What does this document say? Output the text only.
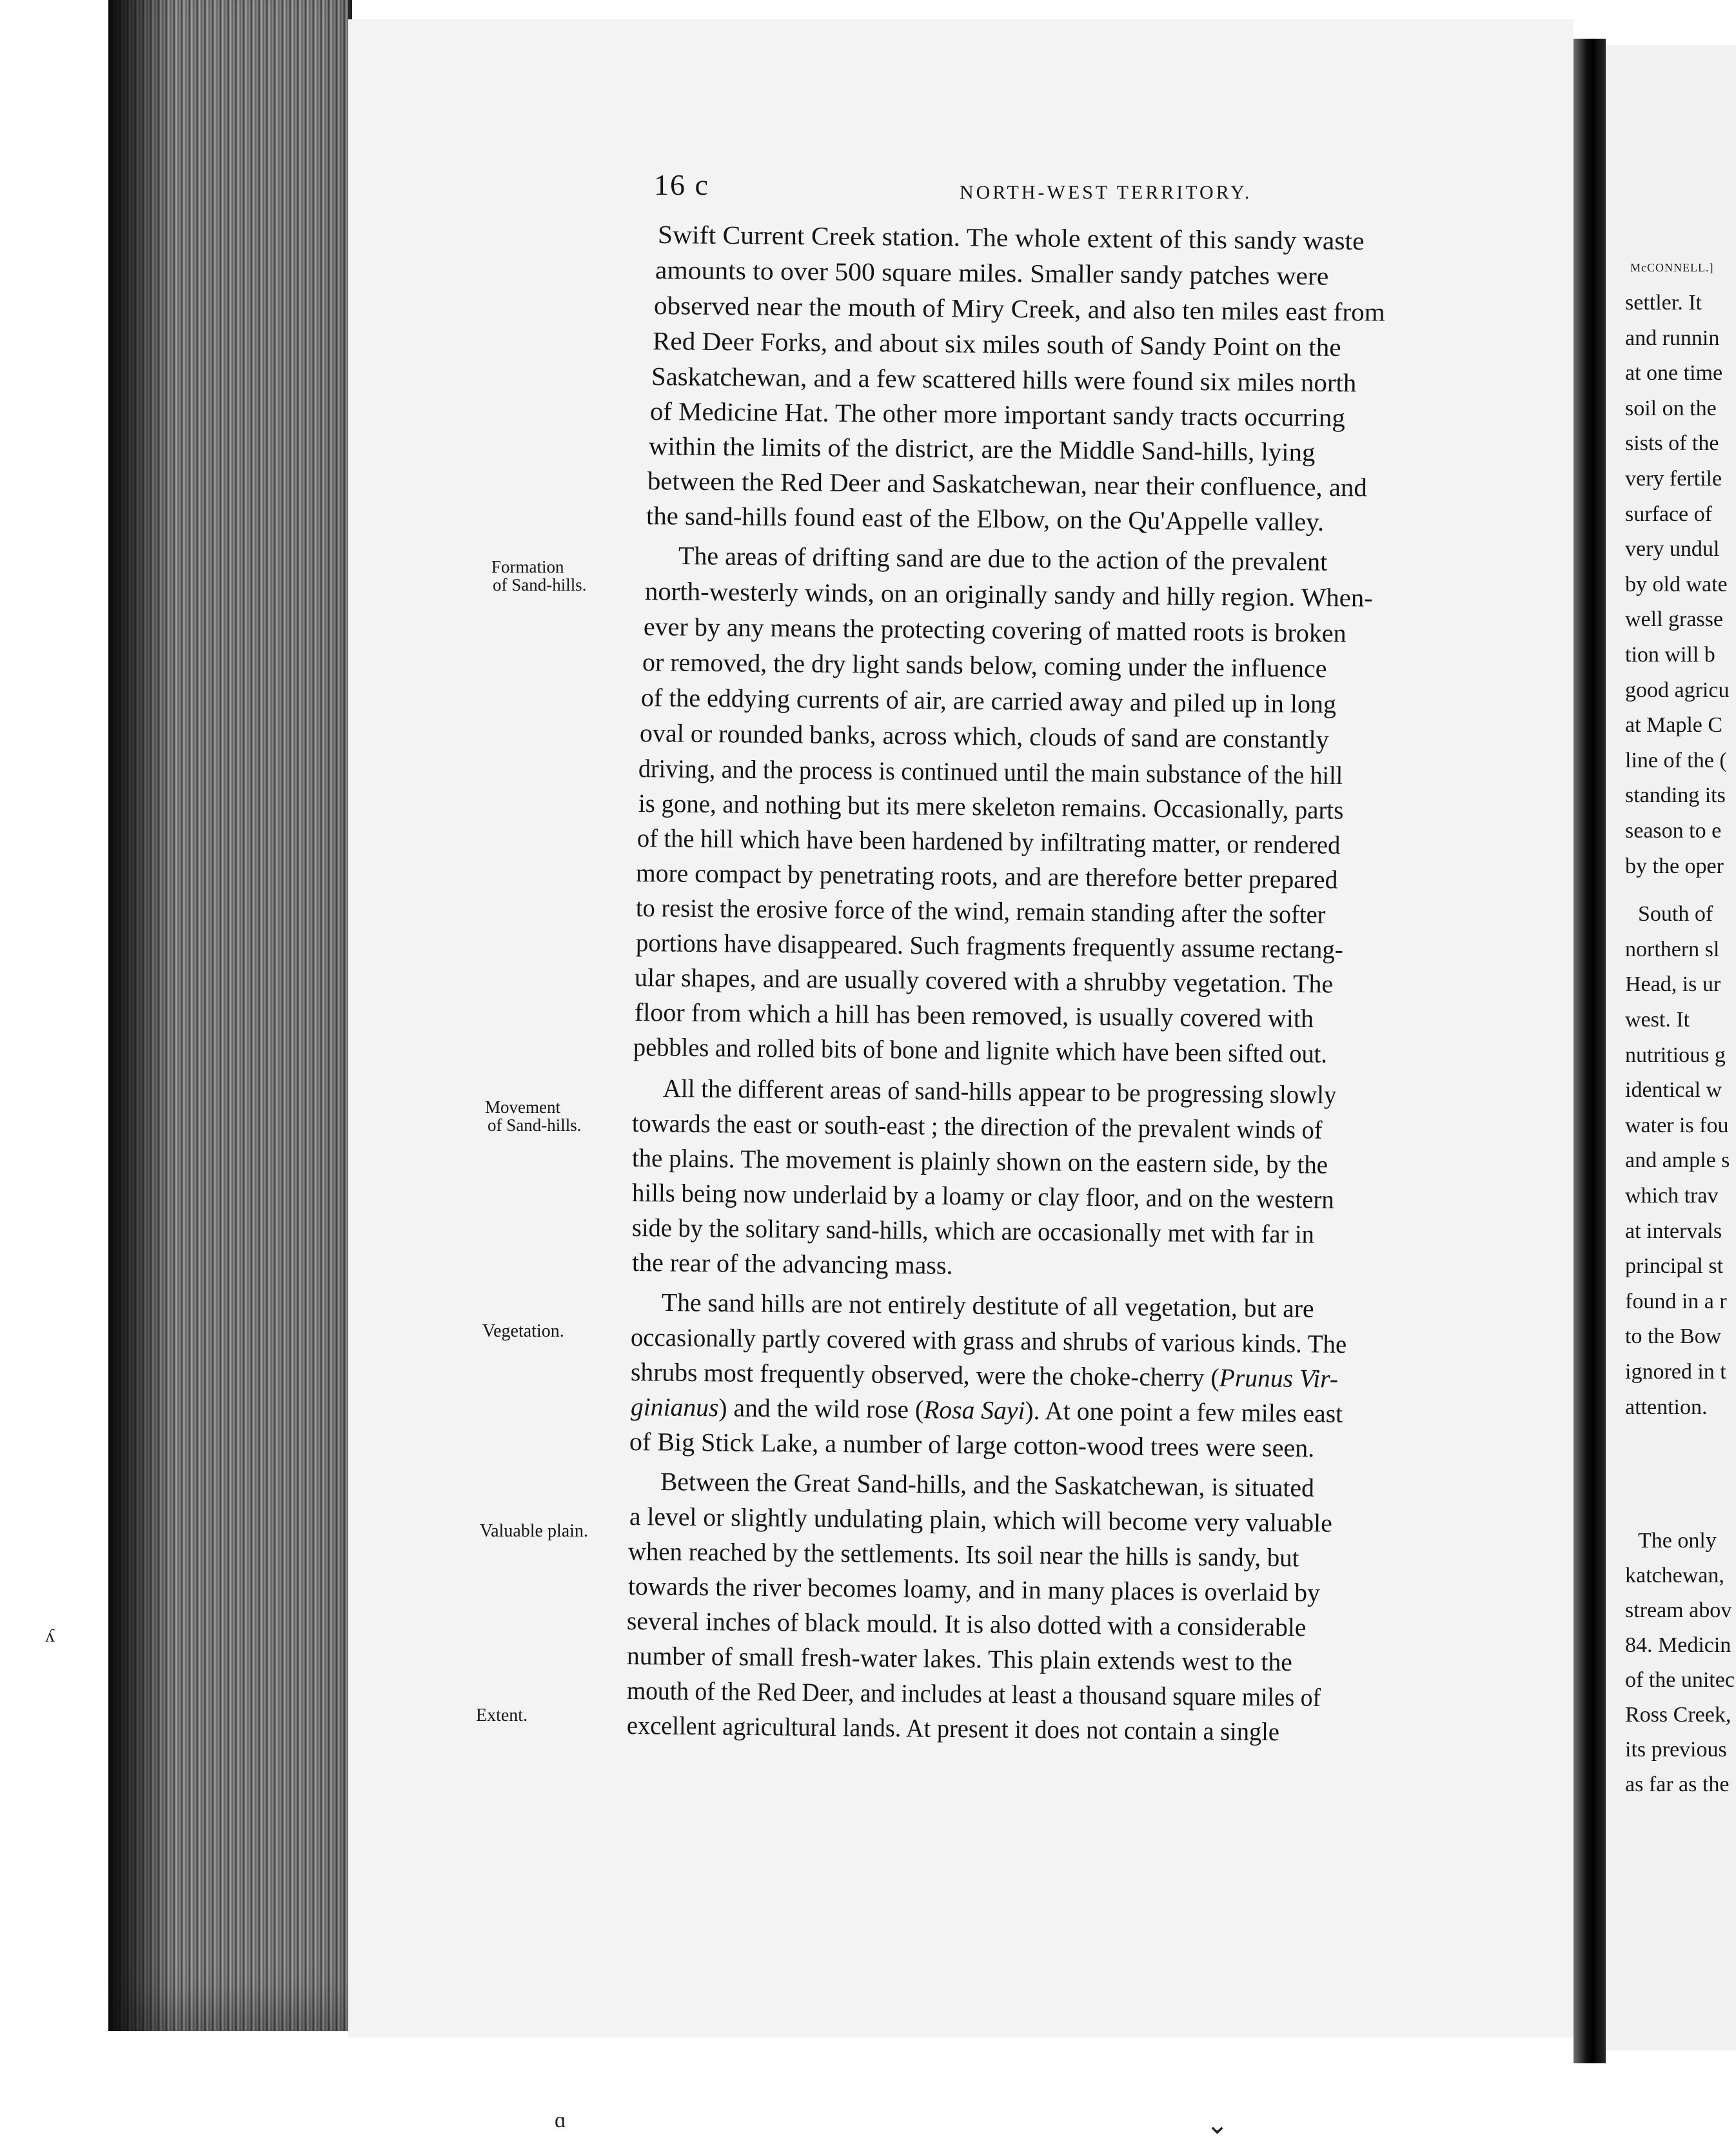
McCONNELL.]
settler. It
and runnin
at one time
soil on the
sists of the
very fertile
surface of
very undul
by old wate
well grasse
tion will b
good agricu
at Maple C
line of the (
standing its
season to e
by the oper
South of
northern sl
Head, is ur
west. It
nutritious g
identical w
water is fou
and ample s
which trav
at intervals
principal st
found in a r
to the Bow
ignored in t
attention.
The only
katchewan,
stream abov
84. Medicin
of the unitec
Ross Creek,
its previous
as far as the
16 c	NORTH-WEST TERRITORY.
Formation
of Sand-hills.
Movement
of Sand-hills.
Vegetation.
Valuable plain.
Extent.
Swift Current Creek station. The whole extent of this sandy waste
amounts to over 500 square miles. Smaller sandy patches were
observed near the mouth of Miry Creek, and also ten miles east from
Red Deer Forks, and about six miles south of Sandy Point on the
Saskatchewan, and a few scattered hills were found six miles north
of Medicine Hat. The other more important sandy tracts occurring
within the limits of the district, are the Middle Sand-hills, lying
between the Red Deer and Saskatchewan, near their confluence, and
the sand-hills found east of the Elbow, on the Qu'Appelle valley.
The areas of drifting sand are due to the action of the prevalent
north-westerly winds, on an originally sandy and hilly region. When-
ever by any means the protecting covering of matted roots is broken
or removed, the dry light sands below, coming under the influence
of the eddying currents of air, are carried away and piled up in long
oval or rounded banks, across which, clouds of sand are constantly
driving, and the process is continued until the main substance of the hill
is gone, and nothing but its mere skeleton remains. Occasionally, parts
of the hill which have been hardened by infiltrating matter, or rendered
more compact by penetrating roots, and are therefore better prepared
to resist the erosive force of the wind, remain standing after the softer
portions have disappeared. Such fragments frequently assume rectang-
ular shapes, and are usually covered with a shrubby vegetation. The
floor from which a hill has been removed, is usually covered with
pebbles and rolled bits of bone and lignite which have been sifted out.
All the different areas of sand-hills appear to be progressing slowly
towards the east or south-east ; the direction of the prevalent winds of
the plains. The movement is plainly shown on the eastern side, by the
hills being now underlaid by a loamy or clay floor, and on the western
side by the solitary sand-hills, which are occasionally met with far in
the rear of the advancing mass.
The sand hills are not entirely destitute of all vegetation, but are
occasionally partly covered with grass and shrubs of various kinds. The
shrubs most frequently observed, were the choke-cherry (Prunus Vir-
ginianus) and the wild rose (Rosa Sayi). At one point a few miles east
of Big Stick Lake, a number of large cotton-wood trees were seen.
Between the Great Sand-hills, and the Saskatchewan, is situated
a level or slightly undulating plain, which will become very valuable
when reached by the settlements. Its soil near the hills is sandy, but
towards the river becomes loamy, and in many places is overlaid by
several inches of black mould. It is also dotted with a considerable
number of small fresh-water lakes. This plain extends west to the
mouth of the Red Deer, and includes at least a thousand square miles of
excellent agricultural lands. At present it does not contain a single
ɑ	⌄
ʎ
